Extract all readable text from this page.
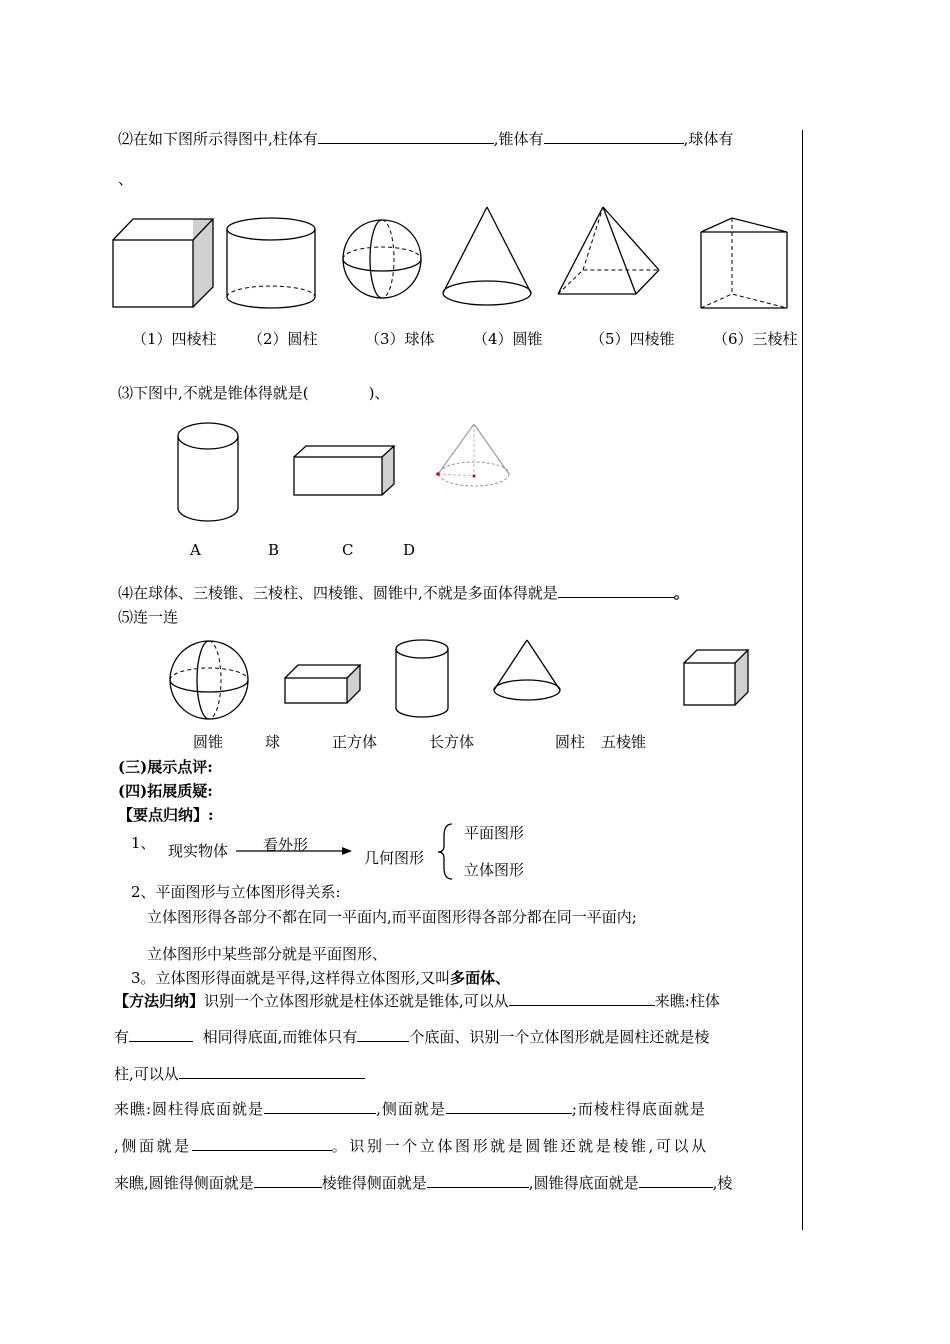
⑵在如下图所示得图中,柱体有	,锥体有	,球体有
、
（1）四棱柱 （2）圆柱	（3）球体	（4）圆锥	（5）四棱锥	（6）三棱柱
⑶下图中,不就是锥体得就是(　　　　)、
A	B	C	D
⑷在球体、三棱锥、三棱柱、四棱锥、圆锥中,不就是多面体得就是	。
⑸连一连
圆锥	球	正方体	长方体	圆柱 五棱锥
(三)展示点评:
(四)拓展质疑:
【要点归纳】:
1、 现实物体 看外形
几何图形
平面图形
立体图形
2、平面图形与立体图形得关系:
立体图形得各部分不都在同一平面内,而平面图形得各部分都在同一平面内;
立体图形中某些部分就是平面图形、
3。立体图形得面就是平得,这样得立体图形,又叫多面体、
【方法归纳】识别一个立体图形就是柱体还就是锥体,可以从	来瞧:柱体
有	相同得底面,而锥体只有	个底面、识别一个立体图形就是圆柱还就是棱
柱,可以从
来瞧:圆柱得底面就是	,侧面就是	;而棱柱得底面就是
,侧面就是	。识别一个立体图形就是圆锥还就是棱锥,可以从
来瞧,圆锥得侧面就是	棱锥得侧面就是	,圆锥得底面就是	,棱
